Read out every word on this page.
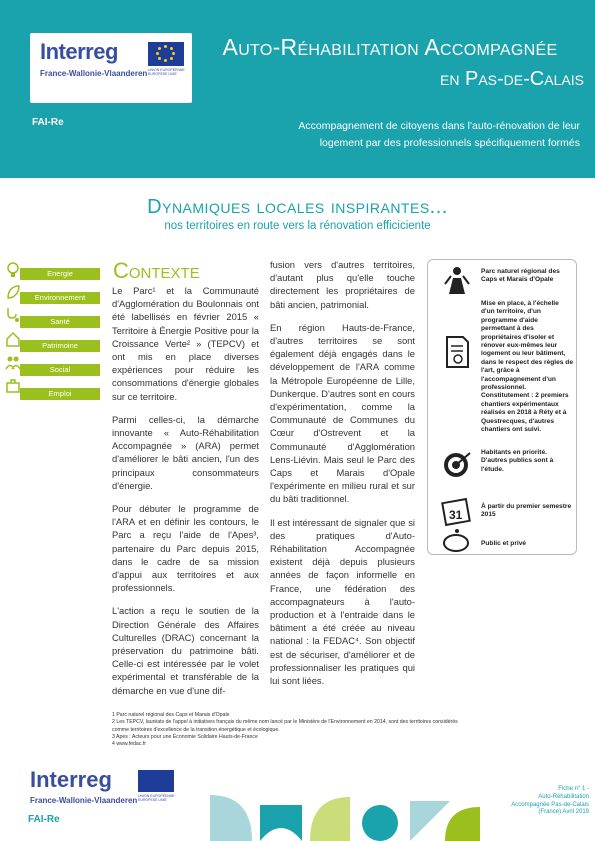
Interreg
UNION EUROPÉENNE EUROPESE UNIE
France-Wallonie-Vlaanderen
FAI-Re
Auto-Réhabilitation Accompagnée
en Pas-de-Calais
Accompagnement de citoyens dans l'auto-rénovation de leur
logement par des professionnels spécifiquement formés
Dynamiques locales inspirantes...
nos territoires en route vers la rénovation efficiciente
Energie
Environnement
Santé
Patrimoine
Social
Emploi
Contexte

Le Parc¹ et la Communauté d'Agglomération du Boulonnais ont été labellisés en février 2015 « Territoire à Énergie Positive pour la Croissance Verte² » (TEPCV) et ont mis en place diverses expériences pour réduire les consommations d'énergie globales sur ce territoire.

Parmi celles-ci, la démarche innovante « Auto-Réhabilitation Accompagnée » (ARA) permet d'améliorer le bâti ancien, l'un des principaux consommateurs d'énergie.

Pour débuter le programme de l'ARA et en définir les contours, le Parc a reçu l'aide de l'Apes³, partenaire du Parc depuis 2015, dans le cadre de sa mission d'appui aux territoires et aux professionnels.

L'action a reçu le soutien de la Direction Générale des Affaires Culturelles (DRAC) concernant la préservation du patrimoine bâti. Celle-ci est intéressée par le volet expérimental et transférable de la démarche en vue d'une dif-

fusion vers d'autres territoires, d'autant plus qu'elle touche directement les propriétaires de bâti ancien, patrimonial.

En région Hauts-de-France, d'autres territoires se sont également déjà engagés dans le développement de l'ARA comme la Métropole Européenne de Lille, Dunkerque. D'autres sont en cours d'expérimentation, comme la Communauté de Communes du Cœur d'Ostrevent et la Communauté d'Agglomération Lens-Liévin. Mais seul le Parc des Caps et Marais d'Opale l'expérimente en milieu rural et sur du bâti traditionnel.

Il est intéressant de signaler que si des pratiques d'Auto-Réhabilitation Accompagnée existent déjà depuis plusieurs années de façon informelle en France, une fédération des accompagnateurs à l'auto-production et à l'entraide dans le bâtiment a été créée au niveau national : la FEDAC⁴. Son objectif est de sécuriser, d'améliorer et de professionnaliser les pratiques qui lui sont liées.

Parc naturel régional des Caps et Marais d'Opale
Mise en place, à l'échelle d'un territoire, d'un programme d'aide permettant à des propriétaires d'isoler et rénover eux-mêmes leur logement ou leur bâtiment, dans le respect des règles de l'art, grâce à l'accompagnement d'un professionnel. Constitutement : 2 premiers chantiers expérimentaux réalisés en 2018 à Réty et à Questrecques, d'autres chantiers ont suivi.
Habitants en priorité. D'autres publics sont à l'étude.
31
À partir du premier semestre 2015
Public et privé
1 Parc naturel régional des Caps et Marais d'Opale
2 Les TEPCV, lauréats de l'appel à initiatives français du même nom lancé par le Ministère de l'Environnement en 2014, sont des territoires considérés
comme territoires d'excellence de la transition énergétique et écologique.
3 Apes : Acteurs pour une Économie Solidaire Hauts-de-France
4 www.fedac.fr
Interreg
UNION EUROPÉENNE EUROPESE UNIE
France-Wallonie-Vlaanderen
FAI-Re
Fiche n° 1 -
Auto-Réhabilitation
Accompagnée Pas-de-Calais
(France) Avril 2019
